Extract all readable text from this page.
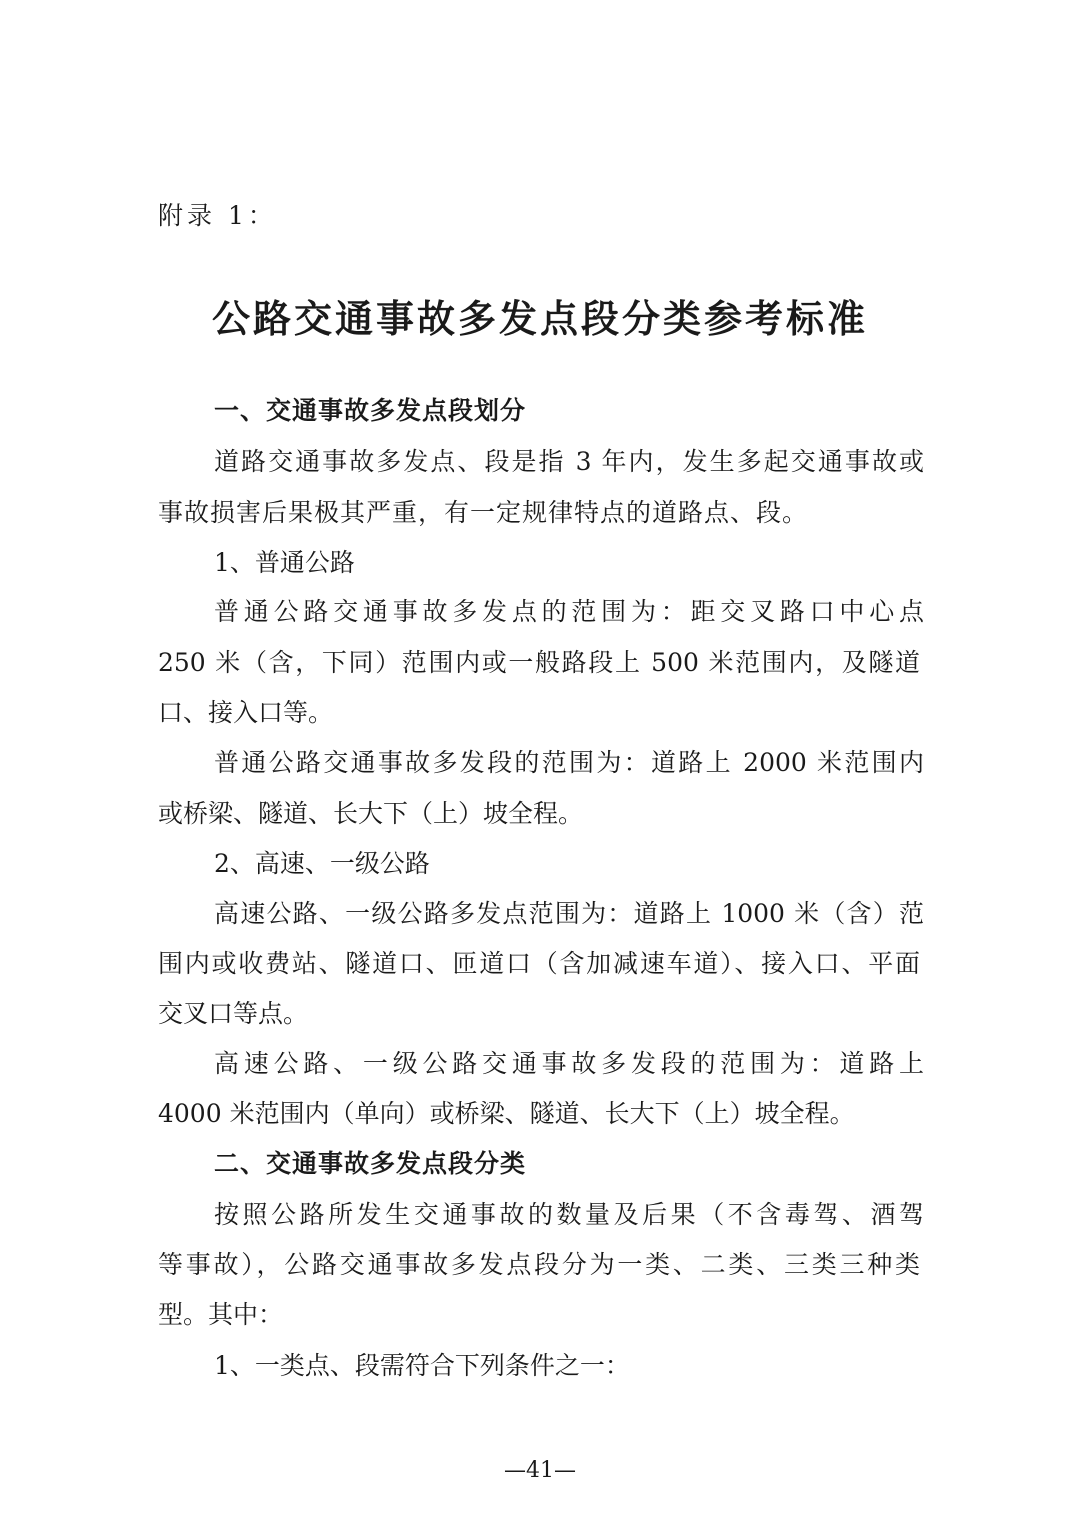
附录 1：
公路交通事故多发点段分类参考标准
一、交通事故多发点段划分
道路交通事故多发点、段是指 3 年内，发生多起交通事故或
事故损害后果极其严重，有一定规律特点的道路点、段。
1、普通公路
普通公路交通事故多发点的范围为：距交叉路口中心点
250 米（含，下同）范围内或一般路段上 500 米范围内，及隧道
口、接入口等。
普通公路交通事故多发段的范围为：道路上 2000 米范围内
或桥梁、隧道、长大下（上）坡全程。
2、高速、一级公路
高速公路、一级公路多发点范围为：道路上 1000 米（含）范
围内或收费站、隧道口、匝道口（含加减速车道）、接入口、平面
交叉口等点。
高速公路、一级公路交通事故多发段的范围为：道路上
4000 米范围内（单向）或桥梁、隧道、长大下（上）坡全程。
二、交通事故多发点段分类
按照公路所发生交通事故的数量及后果（不含毒驾、酒驾
等事故），公路交通事故多发点段分为一类、二类、三类三种类
型。其中：
1、一类点、段需符合下列条件之一：
—41—
